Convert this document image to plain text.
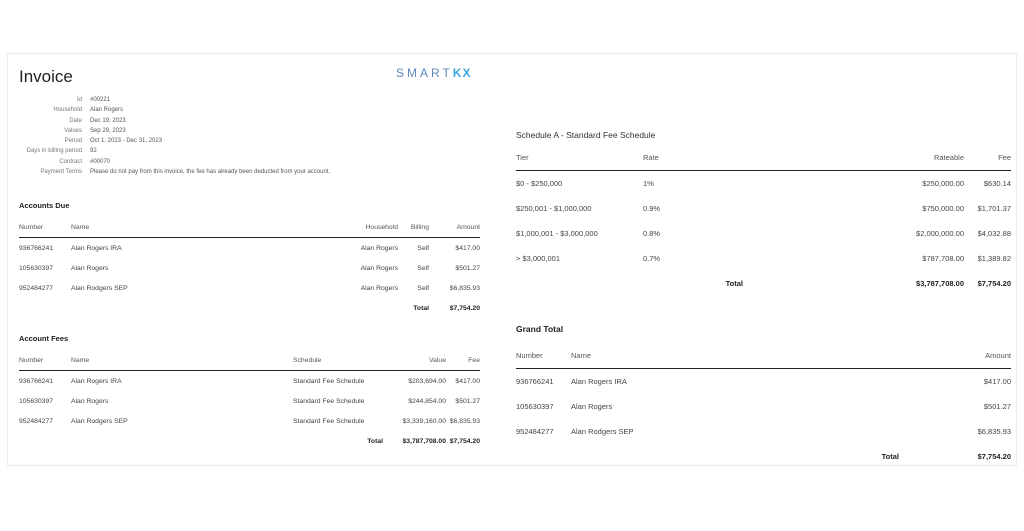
Invoice	SMARTKX
Id #00221
Household Alan Rogers
Date Dec 19, 2023
Values Sep 29, 2023
Period Oct 1, 2023 - Dec 31, 2023
Days in billing period 92
Contract #00070
Payment Terms Please do not pay from this invoice, the fee has already been deducted from your account.
Accounts Due
Number	Name	Household	Billing	Amount
936766241	Alan Rogers IRA	Alan Rogers	Self	$417.00
105630397	Alan Rogers	Alan Rogers	Self	$501.27
952484277	Alan Rodgers SEP	Alan Rogers	Self	$6,835.93
			Total	$7,754.20
Account Fees
Number	Name	Schedule	Value	Fee
936766241	Alan Rogers IRA	Standard Fee Schedule	$203,694.00	$417.00
105630397	Alan Rogers	Standard Fee Schedule	$244,854.00	$501.27
952484277	Alan Rodgers SEP	Standard Fee Schedule	$3,339,160.00	$6,835.93
		Total	$3,787,708.00	$7,754.20
Schedule A - Standard Fee Schedule
Tier	Rate	Rateable	Fee
$0 - $250,000	1%	$250,000.00	$630.14
$250,001 - $1,000,000	0.9%	$750,000.00	$1,701.37
$1,000,001 - $3,000,000	0.8%	$2,000,000.00	$4,032.88
> $3,000,001	0.7%	$787,708.00	$1,389.82
	Total	$3,787,708.00	$7,754.20
Grand Total
Number	Name	Amount
936766241	Alan Rogers IRA	$417.00
105630397	Alan Rogers	$501.27
952484277	Alan Rodgers SEP	$6,835.93
	Total	$7,754.20
